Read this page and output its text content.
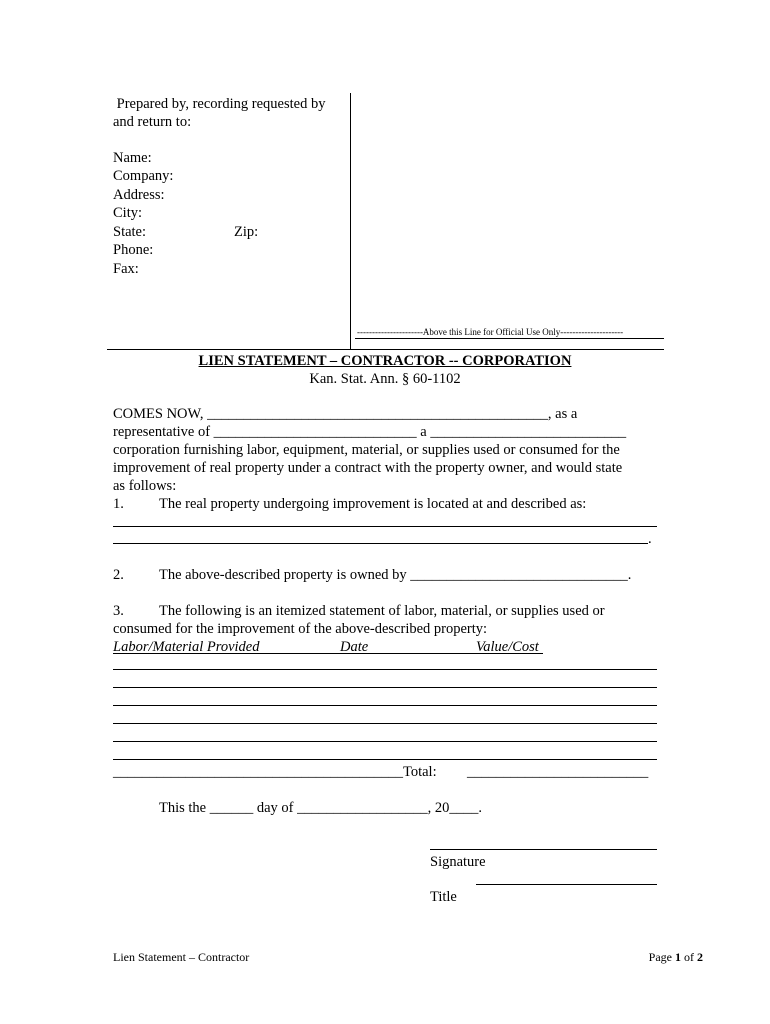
Prepared by, recording requested by
and return to:
Name:
Company:
Address:
City:
State:	Zip:
Phone:
Fax:
----------------------Above this Line for Official Use Only---------------------
LIEN STATEMENT – CONTRACTOR -- CORPORATION
Kan. Stat. Ann. § 60-1102
COMES NOW, _______________________________________________, as a
representative of ____________________________ a ___________________________
corporation furnishing labor, equipment, material, or supplies used or consumed for the
improvement of real property under a contract with the property owner, and would state
as follows:
1. The real property undergoing improvement is located at and described as:
.
2. The above-described property is owned by ______________________________.
3. The following is an itemized statement of labor, material, or supplies used or
consumed for the improvement of the above-described property:
Labor/Material Provided	Date	Value/Cost
________________________________________Total: _________________________
This the ______ day of __________________, 20____.
Signature
Title
Lien Statement – Contractor	Page 1 of 2
